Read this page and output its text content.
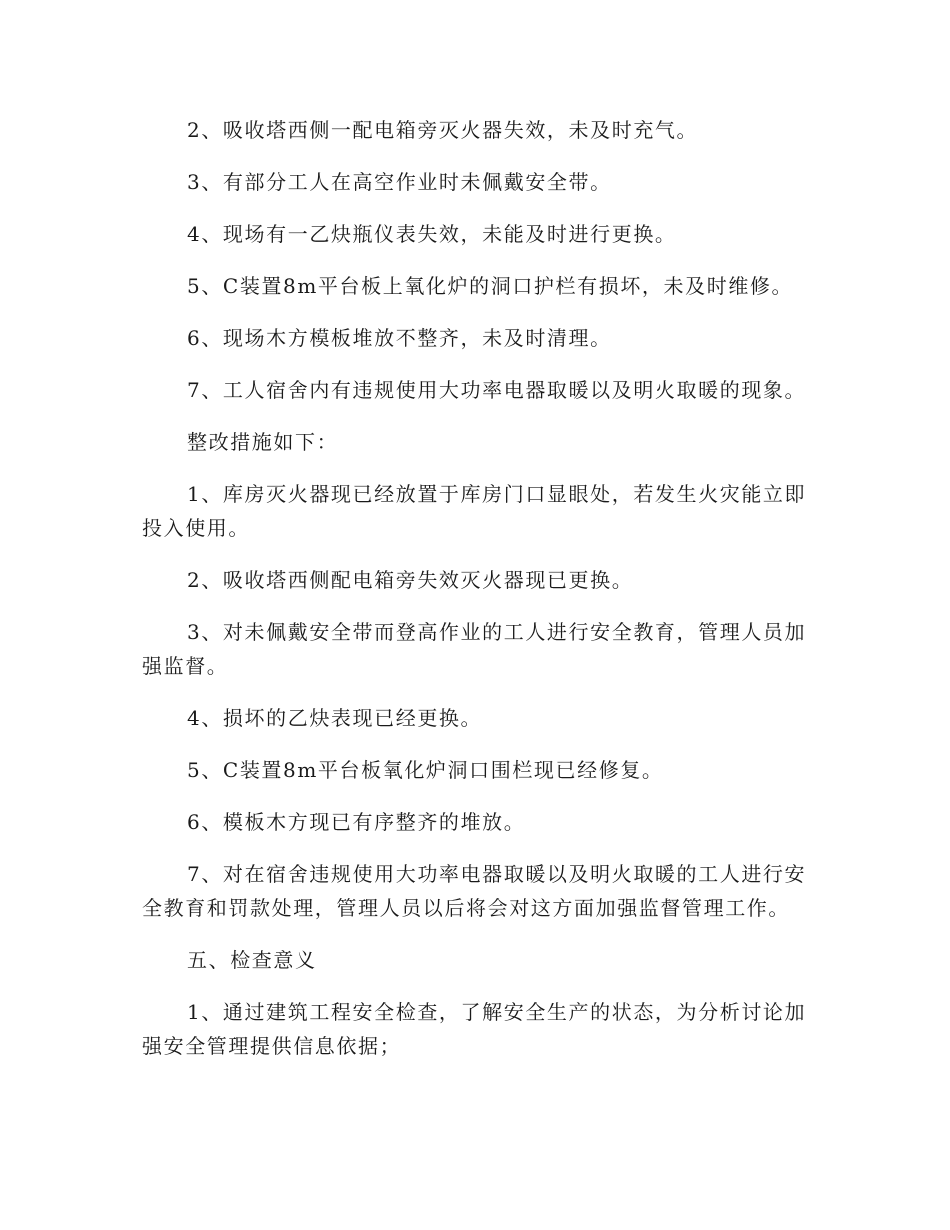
2、吸收塔西侧一配电箱旁灭火器失效，未及时充气。

3、有部分工人在高空作业时未佩戴安全带。

4、现场有一乙炔瓶仪表失效，未能及时进行更换。

5、C装置8m平台板上氧化炉的洞口护栏有损坏，未及时维修。

6、现场木方模板堆放不整齐，未及时清理。

7、工人宿舍内有违规使用大功率电器取暖以及明火取暖的现象。

整改措施如下：

1、库房灭火器现已经放置于库房门口显眼处，若发生火灾能立即投入使用。

2、吸收塔西侧配电箱旁失效灭火器现已更换。

3、对未佩戴安全带而登高作业的工人进行安全教育，管理人员加强监督。

4、损坏的乙炔表现已经更换。

5、C装置8m平台板氧化炉洞口围栏现已经修复。

6、模板木方现已有序整齐的堆放。

7、对在宿舍违规使用大功率电器取暖以及明火取暖的工人进行安全教育和罚款处理，管理人员以后将会对这方面加强监督管理工作。

五、检查意义

1、通过建筑工程安全检查，了解安全生产的状态，为分析讨论加强安全管理提供信息依据；
